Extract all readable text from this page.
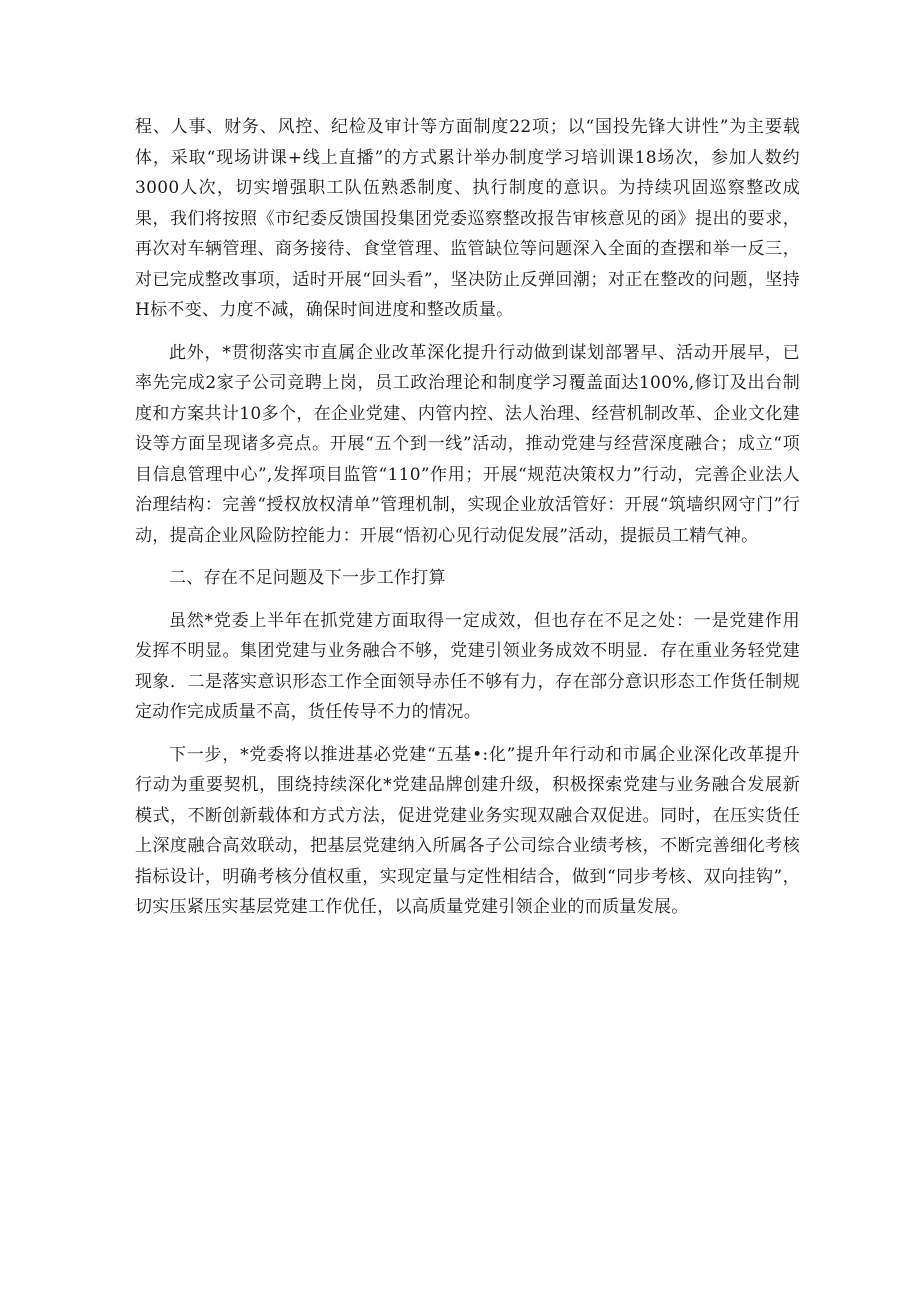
程、人事、财务、风控、纪检及审计等方面制度22项；以“国投先锋大讲性”为主要载体，采取“现场讲课+线上直播”的方式累计举办制度学习培训课18场次，参加人数约3000人次，切实增强职工队伍熟悉制度、执行制度的意识。为持续巩固巡察整改成果，我们将按照《市纪委反馈国投集团党委巡察整改报告审核意见的函》提出的要求，再次对车辆管理、商务接待、食堂管理、监管缺位等问题深入全面的查摆和举一反三，对已完成整改事项，适时开展“回头看”，坚决防止反弹回潮；对正在整改的问题，坚持H标不变、力度不减，确保时间进度和整改质量。

此外，*贯彻落实市直属企业改革深化提升行动做到谋划部署早、活动开展早，已率先完成2家子公司竞聘上岗，员工政治理论和制度学习覆盖面达100%,修订及出台制度和方案共计10多个，在企业党建、内管内控、法人治理、经营机制改革、企业文化建设等方面呈现诸多亮点。开展“五个到一线”活动，推动党建与经营深度融合；成立“项目信息管理中心”,发挥项目监管“110”作用；开展“规范决策权力”行动，完善企业法人治理结构：完善“授权放权清单”管理机制，实现企业放活管好：开展“筑墙织网守门”行动，提高企业风险防控能力：开展“悟初心见行动促发展”活动，提振员工精气神。

二、存在不足问题及下一步工作打算

虽然*党委上半年在抓党建方面取得一定成效，但也存在不足之处：一是党建作用发挥不明显。集团党建与业务融合不够，党建引领业务成效不明显．存在重业务轻党建现象．二是落实意识形态工作全面领导赤任不够有力，存在部分意识形态工作货任制规定动作完成质量不高，货任传导不力的情况。

下一步，*党委将以推进基必党建“五基•:化”提升年行动和市属企业深化改革提升行动为重要契机，围绕持续深化*党建品牌创建升级，积极探索党建与业务融合发展新模式，不断创新载体和方式方法，促进党建业务实现双融合双促进。同时，在压实货任上深度融合高效联动，把基层党建纳入所属各子公司综合业绩考核，不断完善细化考核指标设计，明确考核分值权重，实现定量与定性相结合，做到“同步考核、双向挂钩”，切实压紧压实基层党建工作优任，以高质量党建引领企业的而质量发展。
